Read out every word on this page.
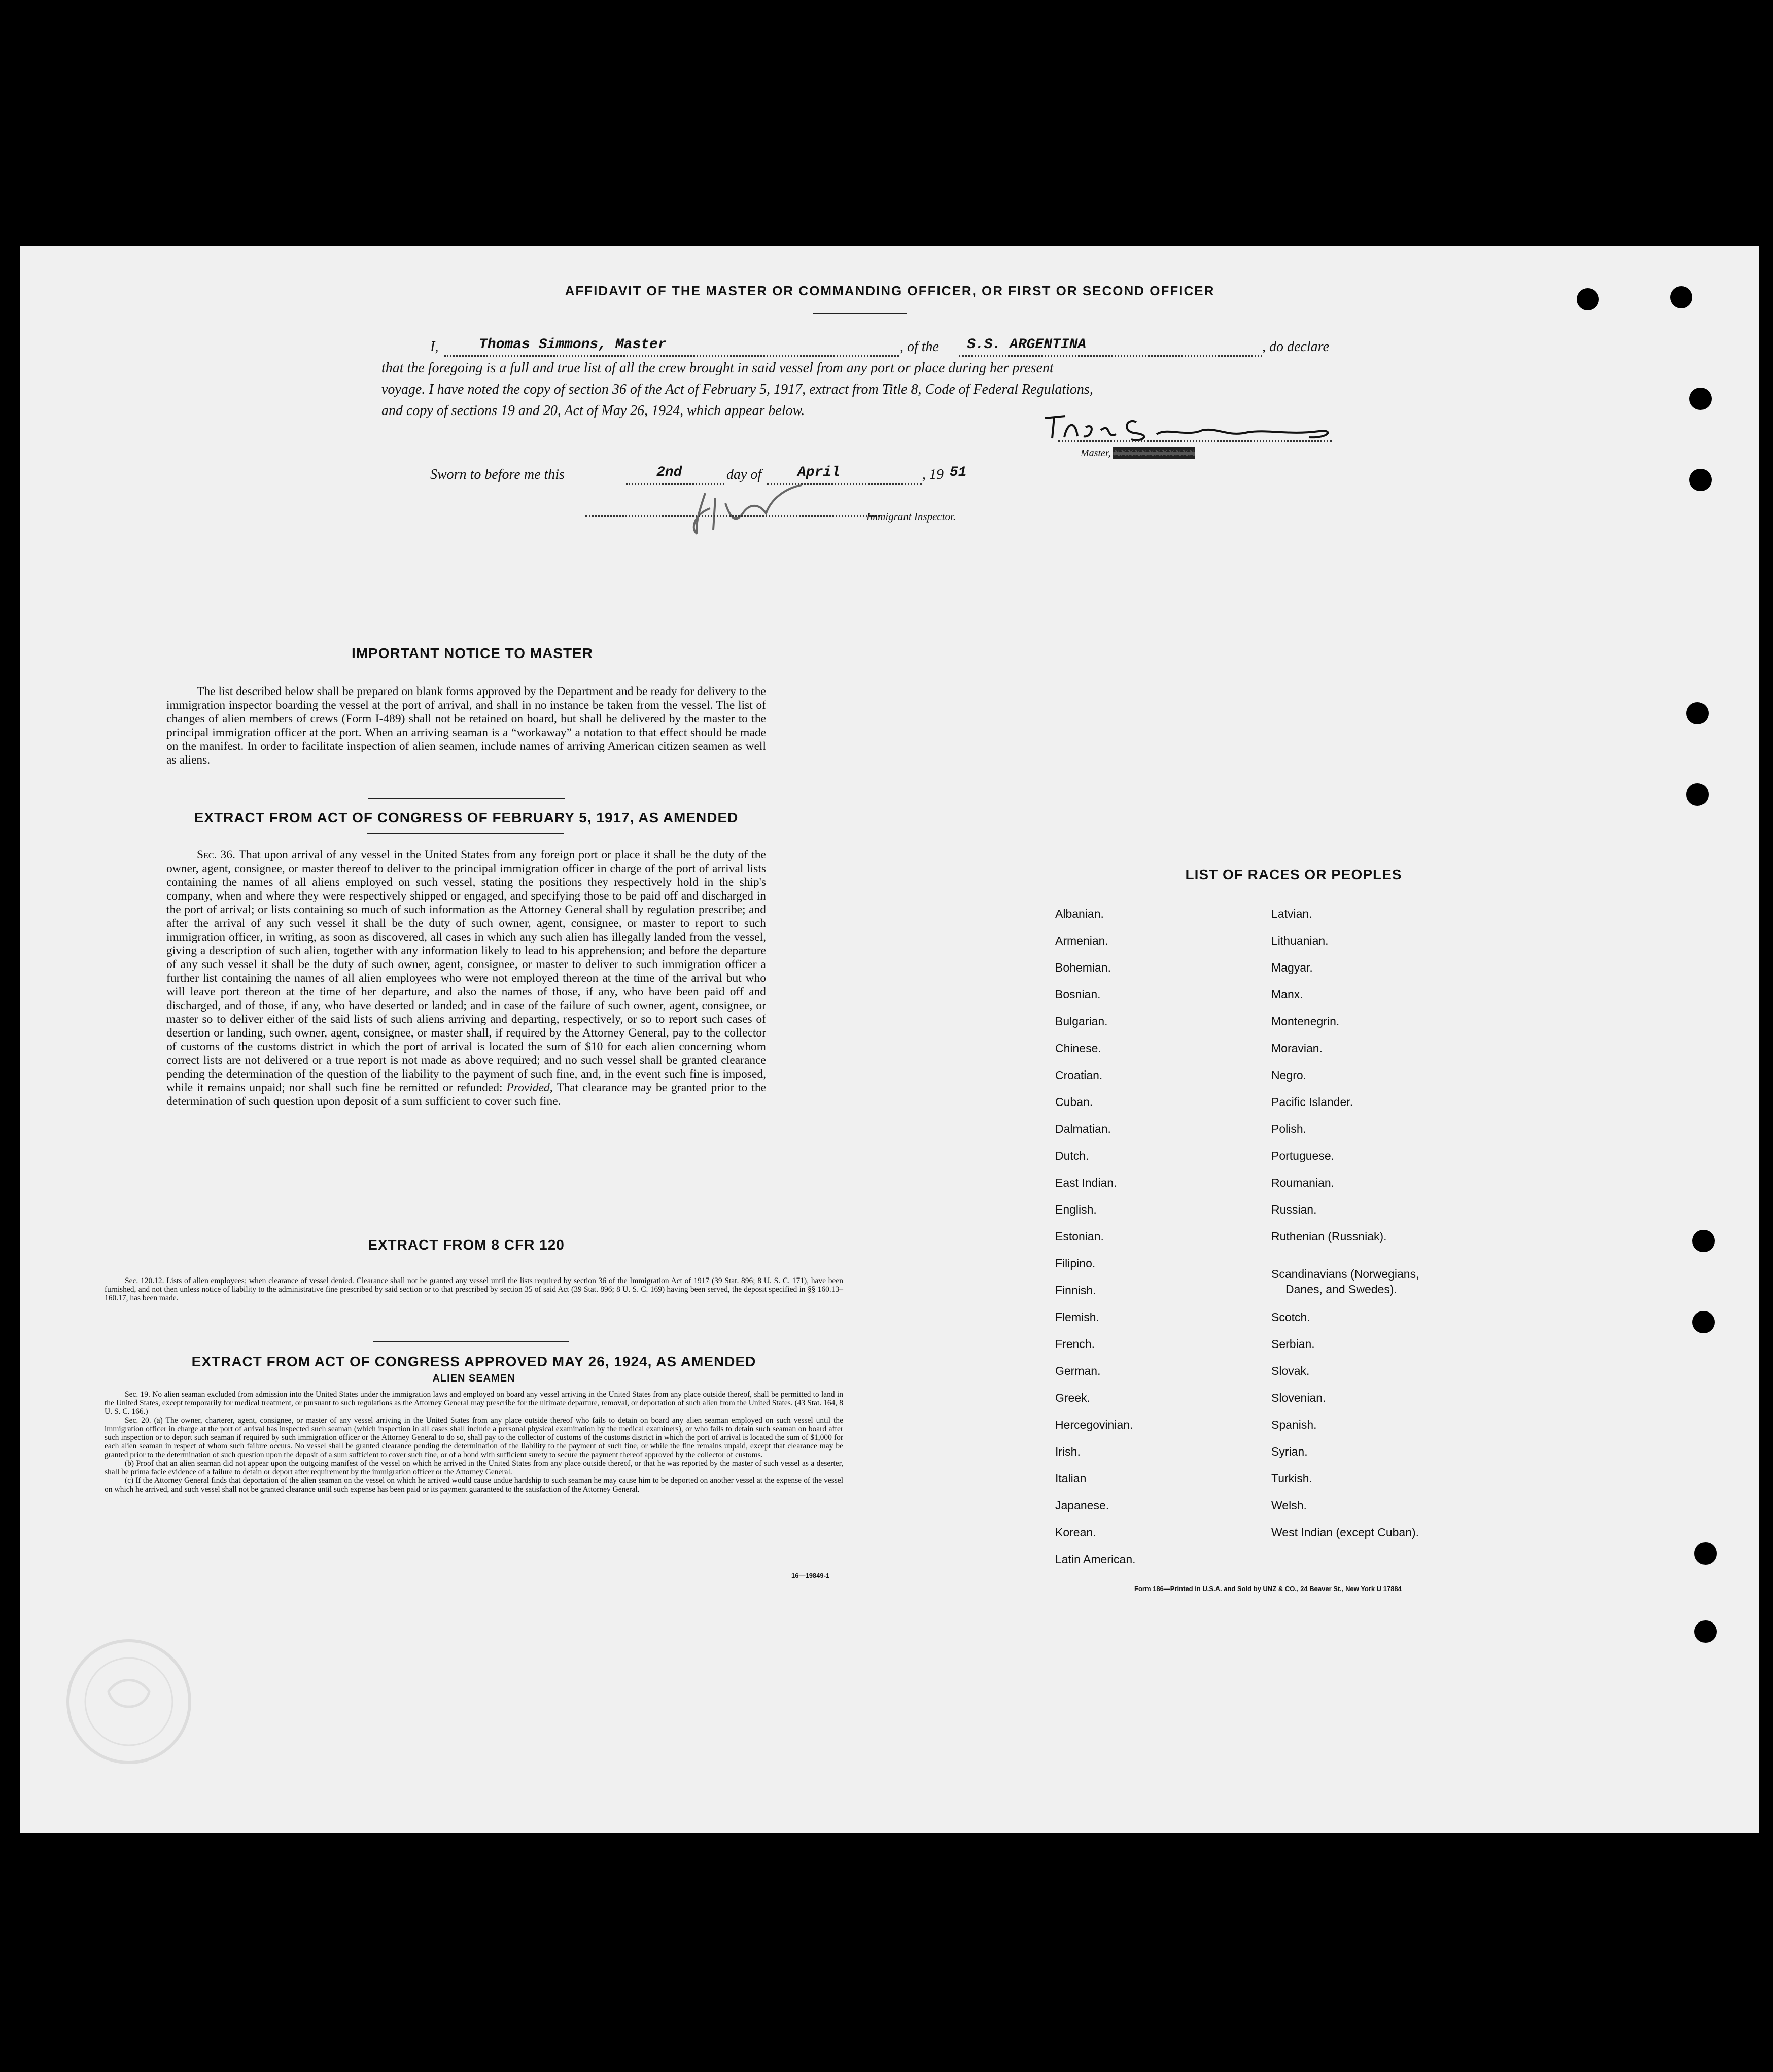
AFFIDAVIT OF THE MASTER OR COMMANDING OFFICER, OR FIRST OR SECOND OFFICER
I,	Thomas Simmons, Master	, of the S.S. ARGENTINA	, do declare
that the foregoing is a full and true list of all the crew brought in said vessel from any port or place during her present
voyage. I have noted the copy of section 36 of the Act of February 5, 1917, extract from Title 8, Code of Federal Regulations,
and copy of sections 19 and 20, Act of May 26, 1924, which appear below.
Master, XXXXXXXXXXXX
Sworn to before me this	2nd	day of	April	, 19 51
Immigrant Inspector.
IMPORTANT NOTICE TO MASTER
The list described below shall be prepared on blank forms approved by the Department and be ready for delivery to the immigration inspector boarding the vessel at the port of arrival, and shall in no instance be taken from the vessel. The list of changes of alien members of crews (Form I-489) shall not be retained on board, but shall be delivered by the master to the principal immigration officer at the port. When an arriving seaman is a “workaway” a notation to that effect should be made on the manifest. In order to facilitate inspection of alien seamen, include names of arriving American citizen seamen as well as aliens.
EXTRACT FROM ACT OF CONGRESS OF FEBRUARY 5, 1917, AS AMENDED
Sec. 36. That upon arrival of any vessel in the United States from any foreign port or place it shall be the duty of the owner, agent, consignee, or master thereof to deliver to the principal immigration officer in charge of the port of arrival lists containing the names of all aliens employed on such vessel, stating the positions they respectively hold in the ship's company, when and where they were respectively shipped or engaged, and specifying those to be paid off and discharged in the port of arrival; or lists containing so much of such information as the Attorney General shall by regulation prescribe; and after the arrival of any such vessel it shall be the duty of such owner, agent, consignee, or master to report to such immigration officer, in writing, as soon as discovered, all cases in which any such alien has illegally landed from the vessel, giving a description of such alien, together with any information likely to lead to his apprehension; and before the departure of any such vessel it shall be the duty of such owner, agent, consignee, or master to deliver to such immigration officer a further list containing the names of all alien employees who were not employed thereon at the time of the arrival but who will leave port thereon at the time of her departure, and also the names of those, if any, who have been paid off and discharged, and of those, if any, who have deserted or landed; and in case of the failure of such owner, agent, consignee, or master so to deliver either of the said lists of such aliens arriving and departing, respectively, or so to report such cases of desertion or landing, such owner, agent, consignee, or master shall, if required by the Attorney General, pay to the collector of customs of the customs district in which the port of arrival is located the sum of $10 for each alien concerning whom correct lists are not delivered or a true report is not made as above required; and no such vessel shall be granted clearance pending the determination of the question of the liability to the payment of such fine, and, in the event such fine is imposed, while it remains unpaid; nor shall such fine be remitted or refunded: Provided, That clearance may be granted prior to the determination of such question upon deposit of a sum sufficient to cover such fine.
EXTRACT FROM 8 CFR 120
Sec. 120.12. Lists of alien employees; when clearance of vessel denied. Clearance shall not be granted any vessel until the lists required by section 36 of the Immigration Act of 1917 (39 Stat. 896; 8 U. S. C. 171), have been furnished, and not then unless notice of liability to the administrative fine prescribed by said section or to that prescribed by section 35 of said Act (39 Stat. 896; 8 U. S. C. 169) having been served, the deposit specified in §§ 160.13–160.17, has been made.
EXTRACT FROM ACT OF CONGRESS APPROVED MAY 26, 1924, AS AMENDED
ALIEN SEAMEN
Sec. 19. No alien seaman excluded from admission into the United States under the immigration laws and employed on board any vessel arriving in the United States from any place outside thereof, shall be permitted to land in the United States, except temporarily for medical treatment, or pursuant to such regulations as the Attorney General may prescribe for the ultimate departure, removal, or deportation of such alien from the United States. (43 Stat. 164, 8 U. S. C. 166.)
Sec. 20. (a) The owner, charterer, agent, consignee, or master of any vessel arriving in the United States from any place outside thereof who fails to detain on board any alien seaman employed on such vessel until the immigration officer in charge at the port of arrival has inspected such seaman (which inspection in all cases shall include a personal physical examination by the medical examiners), or who fails to detain such seaman on board after such inspection or to deport such seaman if required by such immigration officer or the Attorney General to do so, shall pay to the collector of customs of the customs district in which the port of arrival is located the sum of $1,000 for each alien seaman in respect of whom such failure occurs. No vessel shall be granted clearance pending the determination of the liability to the payment of such fine, or while the fine remains unpaid, except that clearance may be granted prior to the determination of such question upon the deposit of a sum sufficient to cover such fine, or of a bond with sufficient surety to secure the payment thereof approved by the collector of customs.
(b) Proof that an alien seaman did not appear upon the outgoing manifest of the vessel on which he arrived in the United States from any place outside thereof, or that he was reported by the master of such vessel as a deserter, shall be prima facie evidence of a failure to detain or deport after requirement by the immigration officer or the Attorney General.
(c) If the Attorney General finds that deportation of the alien seaman on the vessel on which he arrived would cause undue hardship to such seaman he may cause him to be deported on another vessel at the expense of the vessel on which he arrived, and such vessel shall not be granted clearance until such expense has been paid or its payment guaranteed to the satisfaction of the Attorney General.
16—19849-1
LIST OF RACES OR PEOPLES
Albanian.
Armenian.
Bohemian.
Bosnian.
Bulgarian.
Chinese.
Croatian.
Cuban.
Dalmatian.
Dutch.
East Indian.
English.
Estonian.
Filipino.
Finnish.
Flemish.
French.
German.
Greek.
Hercegovinian.
Irish.
Italian
Japanese.
Korean.
Latin American.
Latvian.
Lithuanian.
Magyar.
Manx.
Montenegrin.
Moravian.
Negro.
Pacific Islander.
Polish.
Portuguese.
Roumanian.
Russian.
Ruthenian (Russniak).
Scandinavians (Norwegians,
Danes, and Swedes).
Scotch.
Serbian.
Slovak.
Slovenian.
Spanish.
Syrian.
Turkish.
Welsh.
West Indian (except Cuban).
Form 186—Printed in U.S.A. and Sold by UNZ & CO., 24 Beaver St., New York U 17884
